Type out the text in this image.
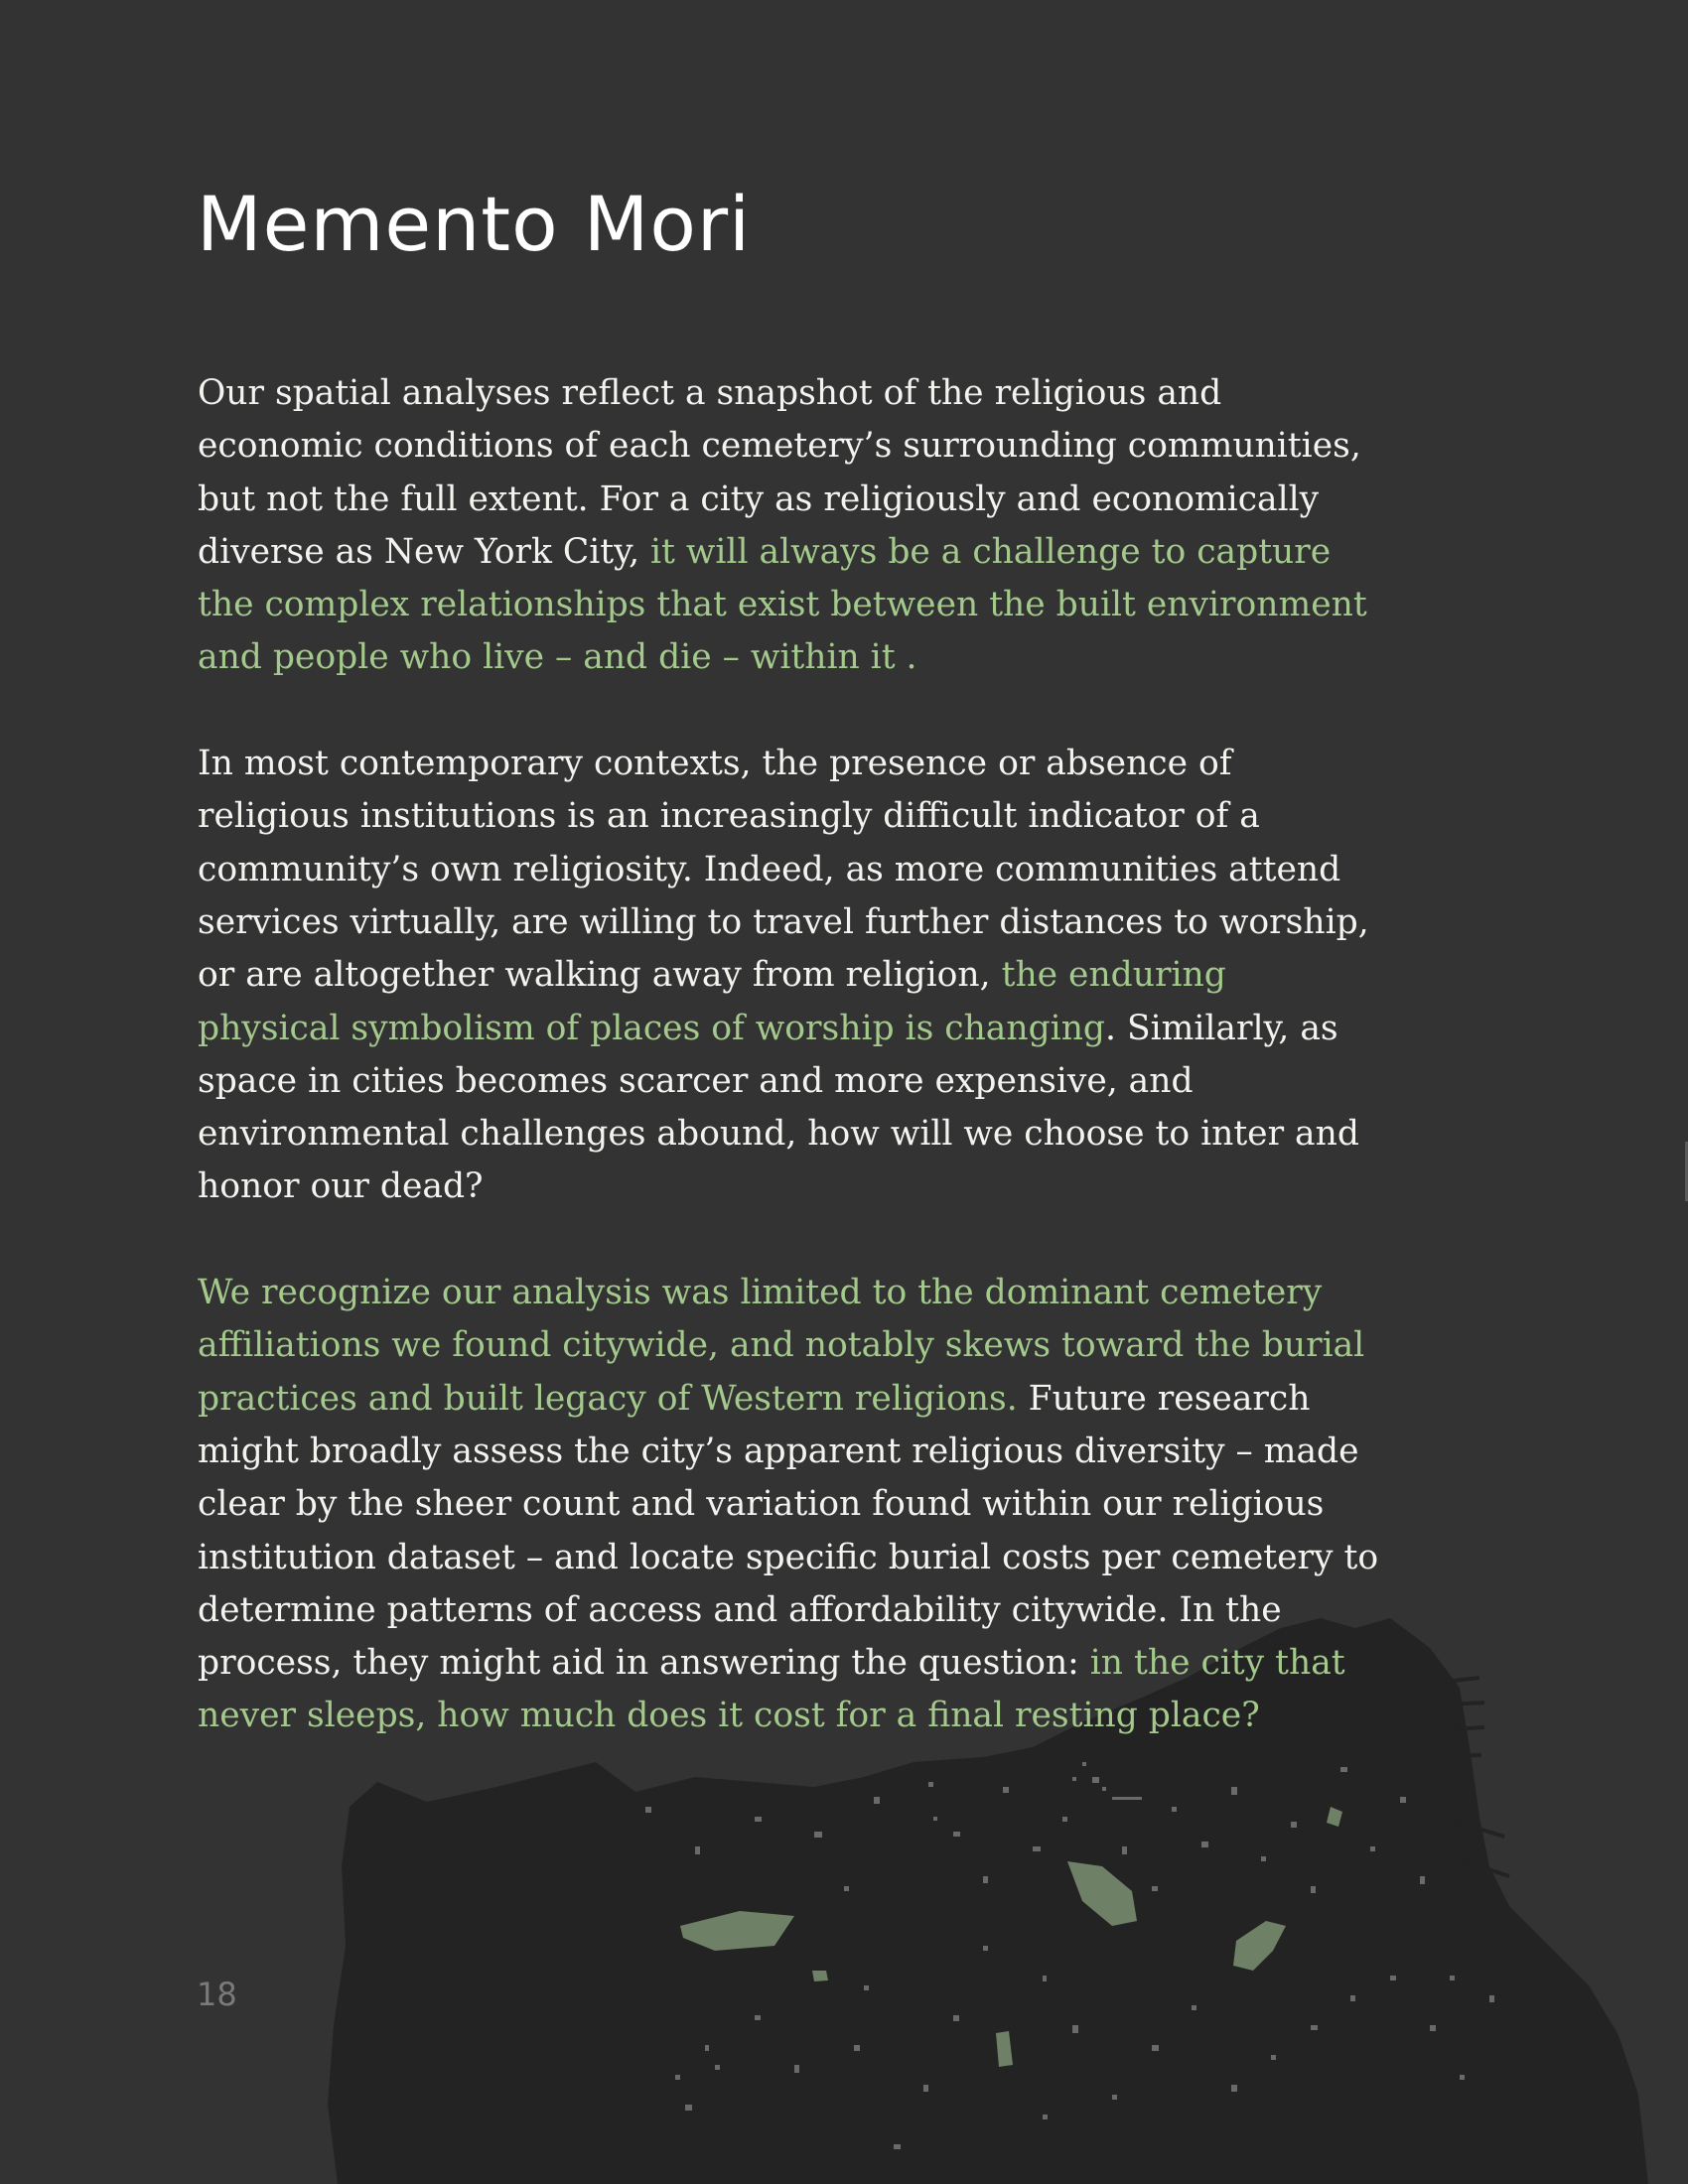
Memento Mori

Our spatial analyses reflect a snapshot of the religious and economic conditions of each cemetery’s surrounding communities, but not the full extent. For a city as religiously and economically diverse as New York City, it will always be a challenge to capture the complex relationships that exist between the built environment and people who live – and die – within it .

In most contemporary contexts, the presence or absence of religious institutions is an increasingly difficult indicator of a community’s own religiosity. Indeed, as more communities attend services virtually, are willing to travel further distances to worship, or are altogether walking away from religion, the enduring physical symbolism of places of worship is changing. Similarly, as space in cities becomes scarcer and more expensive, and environmental challenges abound, how will we choose to inter and honor our dead?

We recognize our analysis was limited to the dominant cemetery affiliations we found citywide, and notably skews toward the burial practices and built legacy of Western religions. Future research might broadly assess the city’s apparent religious diversity – made clear by the sheer count and variation found within our religious institution dataset – and locate specific burial costs per cemetery to determine patterns of access and affordability citywide. In the process, they might aid in answering the question: in the city that never sleeps, how much does it cost for a final resting place?

18
